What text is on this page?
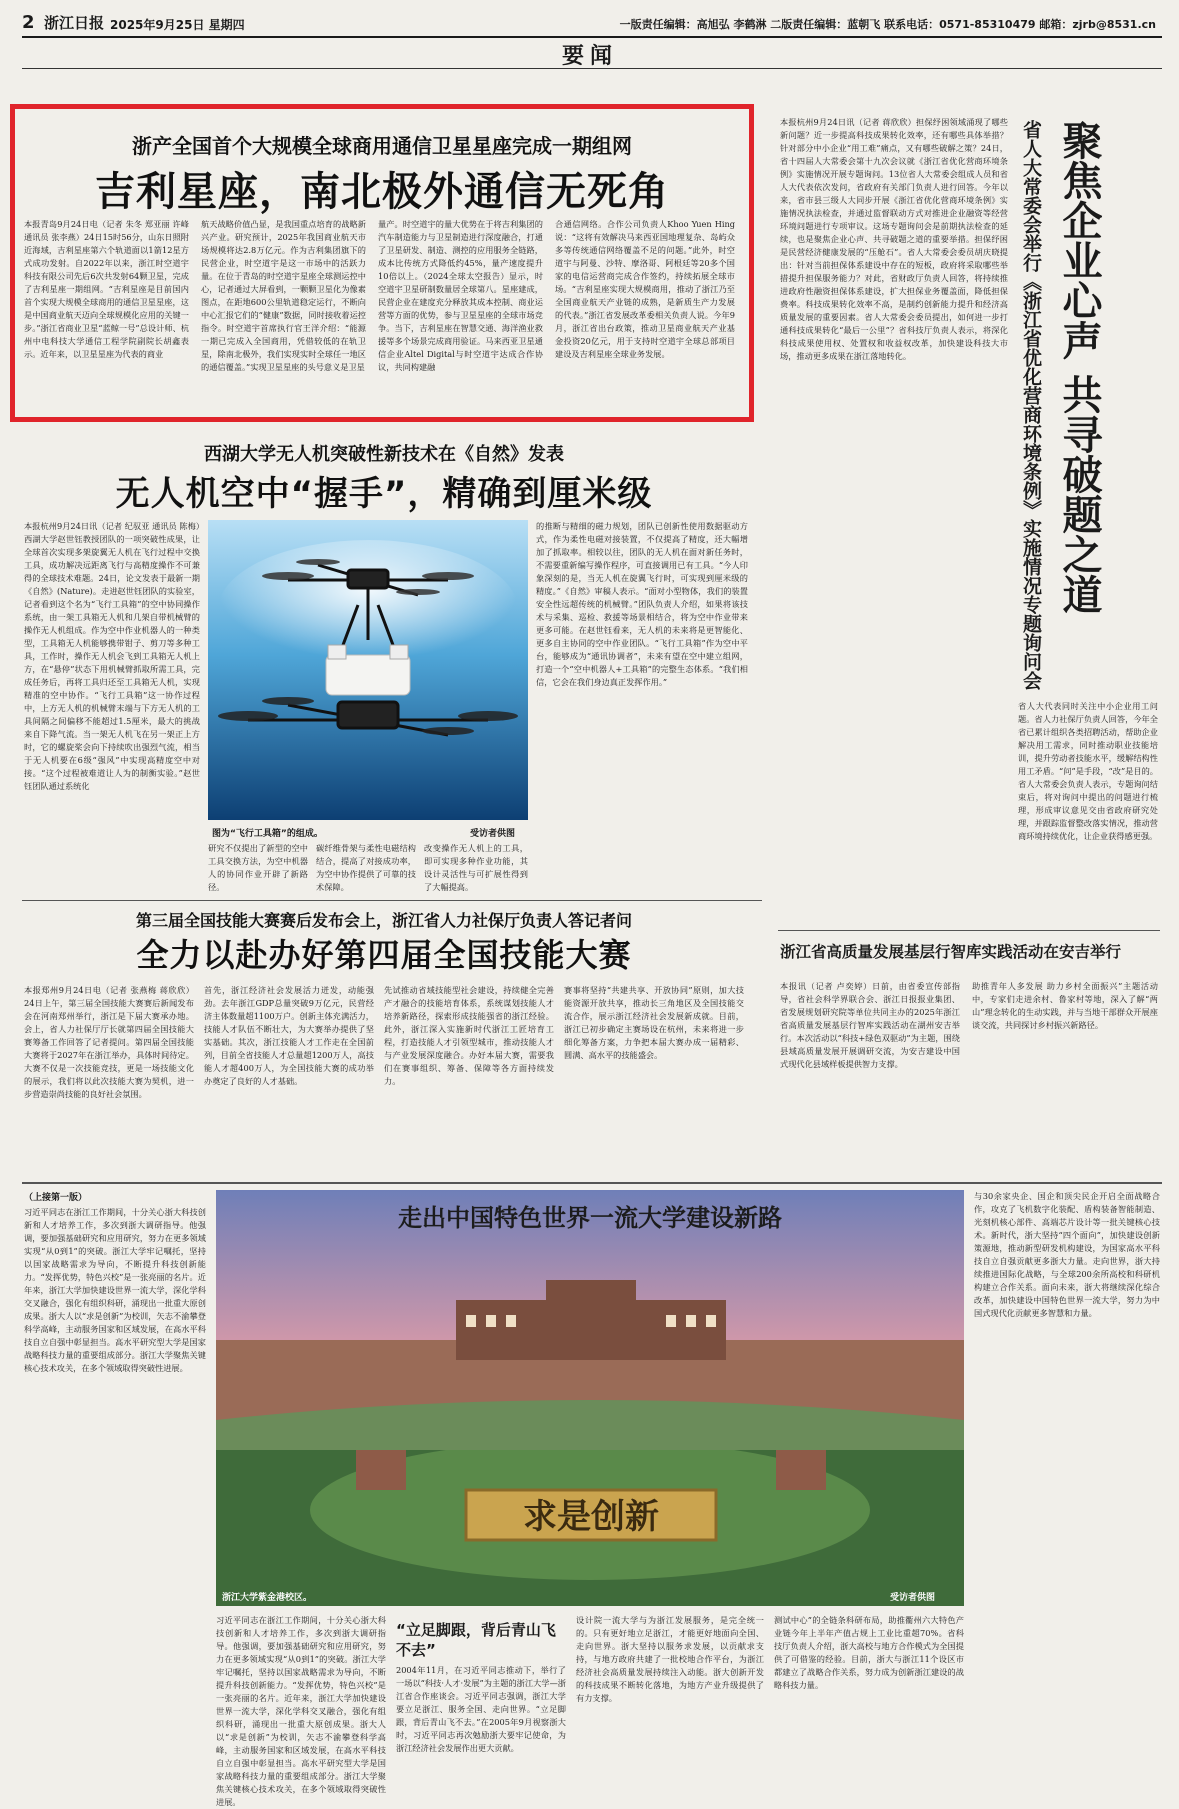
2 浙江日报 2025年9月25日 星期四	一版责任编辑：高旭弘 李鹤淋 二版责任编辑：蓝朝飞 联系电话：0571-85310479 邮箱：zjrb@8531.cn
要闻
浙产全国首个大规模全球商用通信卫星星座完成一期组网
吉利星座，南北极外通信无死角
本报青岛9月24日电（记者 朱冬 郑亚丽 许峰 通讯员 张李燕）24日15时56分，山东日照附近海域，吉利星座第六个轨道面以1箭12星方式成功发射。自2022年以来，浙江时空道宇科技有限公司先后6次共发射64颗卫星，完成了吉利星座一期组网。“吉利星座是目前国内首个实现大规模全球商用的通信卫星星座，这是中国商业航天迈向全球规模化应用的关键一步。”浙江省商业卫星“蓝鲸一号”总设计师、杭州中电科技大学通信工程学院副院长胡鑫表示。近年来，以卫星星座为代表的商业
航天战略价值凸显，是我国重点培育的战略新兴产业。研究预计，2025年我国商业航天市场规模将达2.8万亿元。作为吉利集团旗下的民营企业，时空道宇是这一市场中的活跃力量。在位于青岛的时空道宇星座全球测运控中心，记者通过大屏看到，一颗颗卫星化为像素图点，在距地600公里轨道稳定运行，不断向中心汇报它们的“健康”数据，同时接收着运控指令。时空道宇首席执行官王洋介绍：“能源一期已完成入全国商用，凭借较低的在轨卫星，除南北极外，我们实现实时全球任一地区的通信覆盖。”实现卫星星座的头号意义是卫星
量产。时空道宇的量大优势在于将吉利集团的汽车制造能力与卫星制造进行深度融合，打通了卫星研发、制造、测控的应用服务全链路，成本比传统方式降低约45%，量产速度提升10倍以上。（2024全球太空报告）显示，时空道宇卫星研制数量居全球第八。星座建成，民营企业在建度充分释放其成本控制、商业运营等方面的优势，参与卫星星座的全球市场竞争。当下，吉利星座在智慧交通、海洋渔业救援等多个场景完成商用验证。马来西亚卫星通信企业Altel Digital与时空道宇达成合作协议，共同构建融
合通信网络。合作公司负责人Khoo Yuen Hing说：“这将有效解决马来西亚国地理复杂、岛屿众多等传统通信网络覆盖不足的问题。”此外，时空道宇与阿曼、沙特、摩洛哥、阿根廷等20多个国家的电信运营商完成合作签约，持续拓展全球市场。“吉利星座实现大规模商用，推动了浙江乃至全国商业航天产业链的成熟，是新质生产力发展的代表。”浙江省发展改革委相关负责人说。今年9月，浙江省出台政策，推动卫星商业航天产业基金投资20亿元，用于支持时空道宇全球总部项目建设及吉利星座全球业务发展。
西湖大学无人机突破性新技术在《自然》发表
无人机空中“握手”，精确到厘米级
本报杭州9月24日讯（记者 纪驭亚 通讯员 陈梅）西湖大学赵世钰教授团队的一项突破性成果，让全球首次实现多架旋翼无人机在飞行过程中交换工具，成功解决远距离飞行与高精度操作不可兼得的全球技术难题。24日，论文发表于最新一期《自然》(Nature)。走进赵世钰团队的实验室，记者看到这个名为“飞行工具箱”的空中协同操作系统，由一架工具箱无人机和几架自带机械臂的操作无人机组成。作为空中作业机器人的一种类型，工具箱无人机能够携带钳子、剪刀等多种工具，工作时，操作无人机会飞到工具箱无人机上方，在“悬停”状态下用机械臂抓取所需工具，完成任务后，再将工具归还至工具箱无人机，实现精准的空中协作。“飞行工具箱”这一协作过程中，上方无人机的机械臂末端与下方无人机的工具间隔之间偏移不能超过1.5厘米，最大的挑战来自下降气流。当一架无人机飞在另一架正上方时，它的螺旋桨会向下持续吹出强烈气流，相当于无人机要在6级“强风”中实现高精度空中对接。“这个过程被难道让人为的制衡实验。”赵世钰团队通过系统化
的推断与精细的磁力规划，团队已创新性使用数据驱动方式，作为柔性电磁对接装置，不仅提高了精度，还大幅增加了抓取率。相较以往，团队的无人机在面对新任务时，不需要重新编写操作程序，可直接调用已有工具。“今人印象深刻的是，当无人机在旋翼飞行时，可实现到厘米级的精度。”《自然》审稿人表示。“面对小型物体，我们的装置安全性远超传统的机械臂。”团队负责人介绍，如果将该技术与采集、巡检、救援等场景相结合，将为空中作业带来更多可能。在赵世钰看来，无人机的未来将是更智能化、更多自主协同的空中作业团队。“飞行工具箱”作为空中平台，能够成为“通讯协调者”，未来有望在空中建立组网，打造一个“空中机器人+工具箱”的完整生态体系。“我们相信，它会在我们身边真正发挥作用。”
图为“飞行工具箱”的组成。	受访者供图
研究不仅提出了新型的空中工具交换方法，为空中机器人的协同作业开辟了新路径。
碳纤维骨架与柔性电磁结构结合，提高了对接成功率，为空中协作提供了可靠的技术保障。
改变操作无人机上的工具，即可实现多种作业功能，其设计灵活性与可扩展性得到了大幅提高。
本报杭州9月24日讯（记者 蒋欣欣）担保纾困领域涌现了哪些新问题？近一步提高科技成果转化效率，还有哪些具体举措？针对部分中小企业“用工难”痛点，又有哪些破解之策？24日，省十四届人大常委会第十九次会议就《浙江省优化营商环境条例》实施情况开展专题询问。13位省人大常委会组成人员和省人大代表依次发问，省政府有关部门负责人进行回答。今年以来，省市县三级人大同步开展《浙江省优化营商环境条例》实施情况执法检查，并通过监督联动方式对推进企业融资等经营环境问题进行专项审议。这场专题询问会是前期执法检查的延续，也是聚焦企业心声、共寻破题之道的重要举措。担保纾困是民营经济健康发展的“压舱石”。省人大常委会委员胡庆晓提出：针对当前担保体系建设中存在的短板，政府将采取哪些举措提升担保服务能力？对此，省财政厅负责人回答，将持续推进政府性融资担保体系建设，扩大担保业务覆盖面，降低担保费率。科技成果转化效率不高，是制约创新能力提升和经济高质量发展的重要因素。省人大常委会委员提出，如何进一步打通科技成果转化“最后一公里”？省科技厅负责人表示，将深化科技成果使用权、处置权和收益权改革，加快建设科技大市场，推动更多成果在浙江落地转化。	省人大常委会举行《浙江省优化营商环境条例》实施情况专题询问会 聚焦企业心声 共寻破题之道
省人大代表同时关注中小企业用工问题。省人力社保厅负责人回答，今年全省已累计组织各类招聘活动，帮助企业解决用工需求，同时推动职业技能培训，提升劳动者技能水平，缓解结构性用工矛盾。“问”是手段，“改”是目的。省人大常委会负责人表示，专题询问结束后，将对询问中提出的问题进行梳理，形成审议意见交由省政府研究处理，并跟踪监督整改落实情况，推动营商环境持续优化，让企业获得感更强。
第三届全国技能大赛赛后发布会上，浙江省人力社保厅负责人答记者问
全力以赴办好第四届全国技能大赛
本报郑州9月24日电（记者 张燕梅 蒋欣欣）24日上午，第三届全国技能大赛赛后新闻发布会在河南郑州举行，浙江是下届大赛承办地。会上，省人力社保厅厅长就第四届全国技能大赛筹备工作回答了记者提问。第四届全国技能大赛将于2027年在浙江举办，具体时间待定。大赛不仅是一次技能竞技，更是一场技能文化的展示，我们将以此次技能大赛为契机，进一步营造崇尚技能的良好社会氛围。
首先，浙江经济社会发展活力迸发，动能强劲。去年浙江GDP总量突破9万亿元，民营经济主体数量超1100万户。创新主体充满活力，技能人才队伍不断壮大，为大赛举办提供了坚实基础。其次，浙江技能人才工作走在全国前列，目前全省技能人才总量超1200万人，高技能人才超400万人，为全国技能大赛的成功举办奠定了良好的人才基础。
先试推动省域技能型社会建设，持续健全完善产才融合的技能培育体系，系统谋划技能人才培养新路径，探索形成技能强省的浙江经验。此外，浙江深入实施新时代浙江工匠培育工程，打造技能人才引领型城市，推动技能人才与产业发展深度融合。办好本届大赛，需要我们在赛事组织、筹备、保障等各方面持续发力。
赛事将坚持“共建共享、开放协同”原则，加大技能资源开放共享，推动长三角地区及全国技能交流合作，展示浙江经济社会发展新成就。目前，浙江已初步确定主赛场设在杭州，未来将进一步细化筹备方案，力争把本届大赛办成一届精彩、圆满、高水平的技能盛会。
浙江省高质量发展基层行智库实践活动在安吉举行
本报讯（记者 卢奕婷）日前，由省委宣传部指导，省社会科学界联合会、浙江日报报业集团、省发展规划研究院等单位共同主办的2025年浙江省高质量发展基层行智库实践活动在湖州安吉举行。本次活动以“科技+绿色双驱动”为主题，围绕县域高质量发展开展调研交流，为安吉建设中国式现代化县域样板提供智力支撑。
助推青年人多发展 助力乡村全面振兴”主题活动中，专家们走进余村、鲁家村等地，深入了解“两山”理念转化的生动实践，并与当地干部群众开展座谈交流，共同探讨乡村振兴新路径。
（上接第一版）
习近平同志在浙江工作期间，十分关心浙大科技创新和人才培养工作，多次到浙大调研指导。他强调，要加强基础研究和应用研究，努力在更多领域实现“从0到1”的突破。浙江大学牢记嘱托，坚持以国家战略需求为导向，不断提升科技创新能力。“发挥优势，特色兴校”是一张亮丽的名片。近年来，浙江大学加快建设世界一流大学，深化学科交叉融合，强化有组织科研，涌现出一批重大原创成果。浙大人以“求是创新”为校训，矢志不渝攀登科学高峰，主动服务国家和区域发展，在高水平科技自立自强中彰显担当。高水平研究型大学是国家战略科技力量的重要组成部分。浙江大学聚焦关键核心技术攻关，在多个领域取得突破性进展。
求是创新
走出中国特色世界一流大学建设新路
浙江大学紫金港校区。	受访者供图
与30余家央企、国企和顶尖民企开启全面战略合作，攻克了飞机数字化装配、盾构装备智能制造、光刻机核心部件、高端芯片设计等一批关键核心技术。新时代，浙大坚持“四个面向”，加快建设创新策源地，推动新型研发机构建设，为国家高水平科技自立自强贡献更多浙大力量。走向世界，浙大持续推进国际化战略，与全球200余所高校和科研机构建立合作关系。面向未来，浙大将继续深化综合改革，加快建设中国特色世界一流大学，努力为中国式现代化贡献更多智慧和力量。
习近平同志在浙江工作期间，十分关心浙大科技创新和人才培养工作，多次到浙大调研指导。他强调，要加强基础研究和应用研究，努力在更多领域实现“从0到1”的突破。浙江大学牢记嘱托，坚持以国家战略需求为导向，不断提升科技创新能力。“发挥优势，特色兴校”是一张亮丽的名片。近年来，浙江大学加快建设世界一流大学，深化学科交叉融合，强化有组织科研，涌现出一批重大原创成果。浙大人以“求是创新”为校训，矢志不渝攀登科学高峰，主动服务国家和区域发展，在高水平科技自立自强中彰显担当。高水平研究型大学是国家战略科技力量的重要组成部分。浙江大学聚焦关键核心技术攻关，在多个领域取得突破性进展。
“立足脚跟，背后青山飞不去”
2004年11月，在习近平同志推动下，举行了一场以“科技·人才·发展”为主题的浙江大学—浙江省合作座谈会。习近平同志强调，浙江大学要立足浙江、服务全国、走向世界。“立足脚跟，背后青山飞不去。”在2005年9月视察浙大时，习近平同志再次勉励浙大要牢记使命，为浙江经济社会发展作出更大贡献。
设计院一流大学与为浙江发展服务，是完全统一的。只有更好地立足浙江，才能更好地面向全国、走向世界。浙大坚持以服务求发展，以贡献求支持，与地方政府共建了一批校地合作平台，为浙江经济社会高质量发展持续注入动能。浙大创新开发的科技成果不断转化落地，为地方产业升级提供了有力支撑。
测试中心”的全链条科研布局，助推衢州六大特色产业链今年上半年产值占规上工业比重超70%。省科技厅负责人介绍，浙大高校与地方合作模式为全国提供了可借鉴的经验。目前，浙大与浙江11个设区市都建立了战略合作关系，努力成为创新浙江建设的战略科技力量。
